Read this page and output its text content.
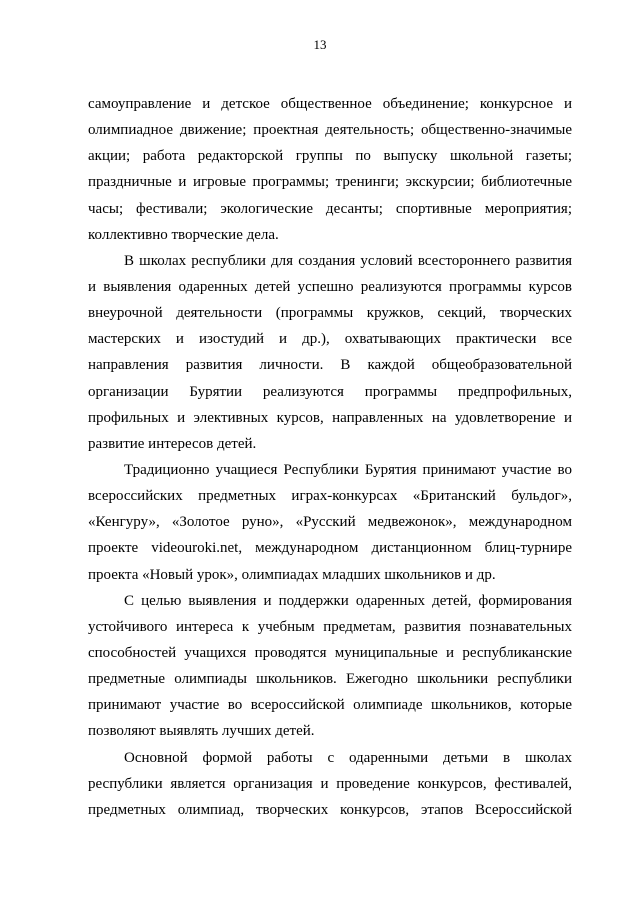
13
самоуправление и детское общественное объединение; конкурсное и
олимпиадное движение; проектная деятельность; общественно-значимые
акции; работа редакторской группы по выпуску школьной газеты;
праздничные и игровые программы; тренинги; экскурсии; библиотечные
часы; фестивали; экологические десанты; спортивные мероприятия;
коллективно творческие дела.
В школах республики для создания условий всестороннего развития
и выявления одаренных детей успешно реализуются программы курсов
внеурочной деятельности (программы кружков, секций, творческих
мастерских и изостудий и др.), охватывающих практически все
направления развития личности. В каждой общеобразовательной
организации Бурятии реализуются программы предпрофильных,
профильных и элективных курсов, направленных на удовлетворение и
развитие интересов детей.
Традиционно учащиеся Республики Бурятия принимают участие во
всероссийских предметных играх-конкурсах «Британский бульдог»,
«Кенгуру», «Золотое руно», «Русский медвежонок», международном
проекте videouroki.net, международном дистанционном блиц-турнире
проекта «Новый урок», олимпиадах младших школьников и др.
С целью выявления и поддержки одаренных детей, формирования
устойчивого интереса к учебным предметам, развития познавательных
способностей учащихся проводятся муниципальные и республиканские
предметные олимпиады школьников. Ежегодно школьники республики
принимают участие во всероссийской олимпиаде школьников, которые
позволяют выявлять лучших детей.
Основной формой работы с одаренными детьми в школах
республики является организация и проведение конкурсов, фестивалей,
предметных олимпиад, творческих конкурсов, этапов Всероссийской
